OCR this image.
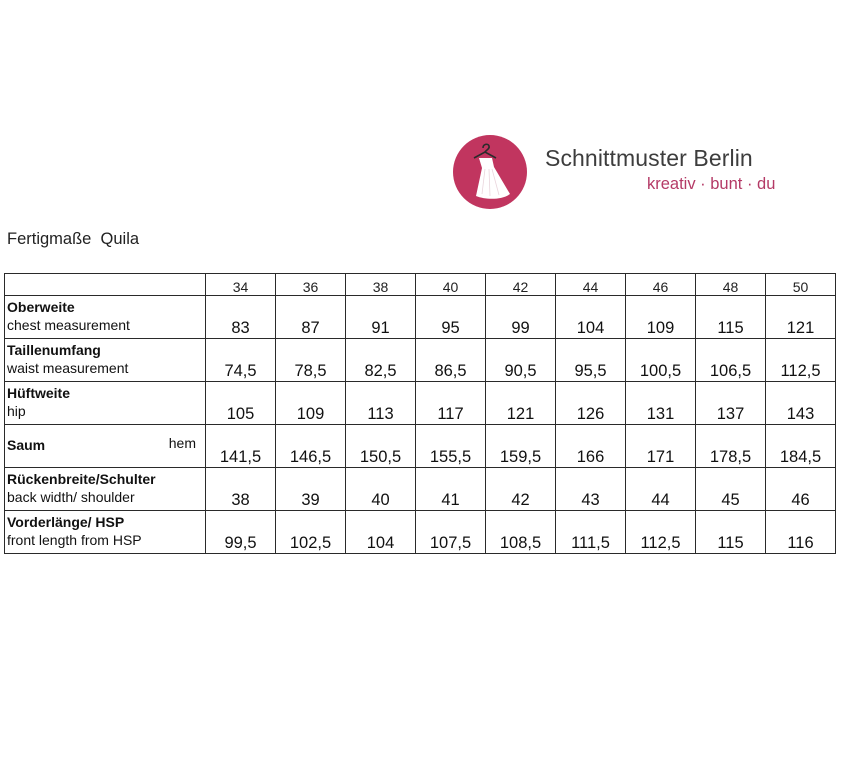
Schnittmuster Berlin
kreativ · bunt · du
Fertigmaße  Quila
	34	36	38	40	42	44	46	48	50

Oberweite
chest measurement	83	87	91	95	99	104	109	115	121

Taillenumfang
waist measurement	74,5	78,5	82,5	86,5	90,5	95,5	100,5	106,5	112,5

Hüftweite
hip	105	109	113	117	121	126	131	137	143

Saum hem	141,5	146,5	150,5	155,5	159,5	166	171	178,5	184,5

Rückenbreite/Schulter
back width/ shoulder	38	39	40	41	42	43	44	45	46

Vorderlänge/ HSP
front length from HSP	99,5	102,5	104	107,5	108,5	111,5	112,5	115	116
